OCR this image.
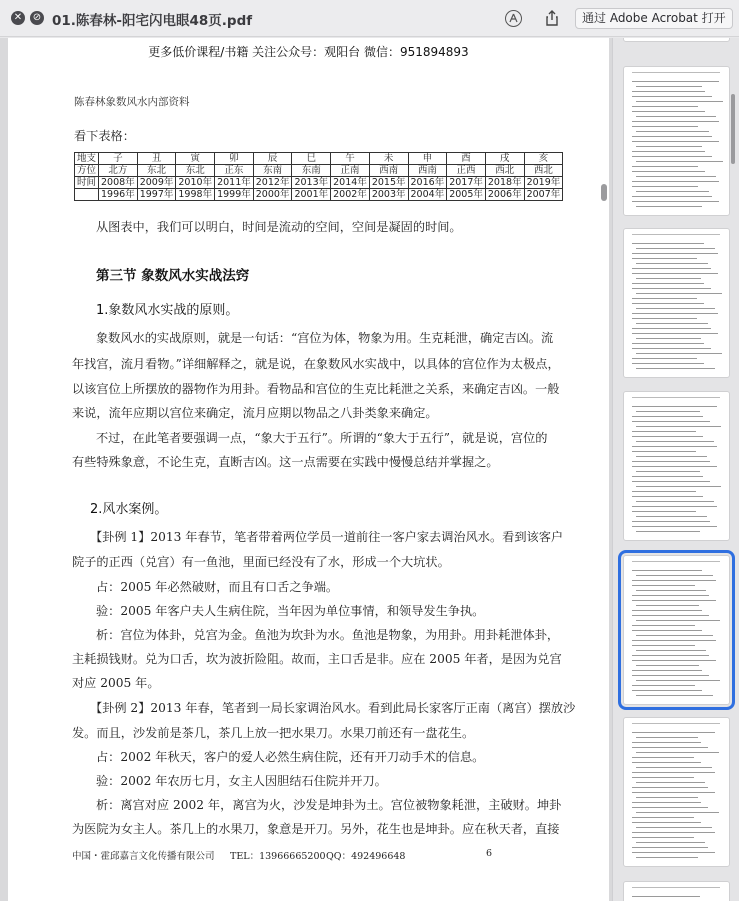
✕ ⊘ 01.陈春林-阳宅闪电眼48页.pdf	通过 Adobe Acrobat 打开
更多低价课程/书籍 关注公众号：观阳台 微信：951894893
陈春林象数风水内部资料
看下表格：
地支	子	丑	寅	卯	辰	巳	午	未	申	酉	戌	亥
方位	北方	东北	东北	正东	东南	东南	正南	西南	西南	正西	西北	西北
时间	2008年	2009年	2010年	2011年	2012年	2013年	2014年	2015年	2016年	2017年	2018年	2019年
	1996年	1997年	1998年	1999年	2000年	2001年	2002年	2003年	2004年	2005年	2006年	2007年
从图表中，我们可以明白，时间是流动的空间，空间是凝固的时间。
第三节 象数风水实战法窍
1.象数风水实战的原则。
象数风水的实战原则，就是一句话：“宫位为体，物象为用。生克耗泄，确定吉凶。流
年找宫，流月看物。”详细解释之，就是说，在象数风水实战中，以具体的宫位作为太极点，
以该宫位上所摆放的器物作为用卦。看物品和宫位的生克比耗泄之关系，来确定吉凶。一般
来说，流年应期以宫位来确定，流月应期以物品之八卦类象来确定。
不过，在此笔者要强调一点，“象大于五行”。所谓的“象大于五行”，就是说，宫位的
有些特殊象意，不论生克，直断吉凶。这一点需要在实践中慢慢总结并掌握之。
2.风水案例。
【卦例 1】2013 年春节，笔者带着两位学员一道前往一客户家去调治风水。看到该客户
院子的正西（兑宫）有一鱼池，里面已经没有了水，形成一个大坑状。
占：2005 年必然破财，而且有口舌之争端。
验：2005 年客户夫人生病住院，当年因为单位事情，和领导发生争执。
析：宫位为体卦，兑宫为金。鱼池为坎卦为水。鱼池是物象，为用卦。用卦耗泄体卦，
主耗损钱财。兑为口舌，坎为波折险阻。故而，主口舌是非。应在 2005 年者，是因为兑宫
对应 2005 年。
【卦例 2】2013 年春，笔者到一局长家调治风水。看到此局长家客厅正南（离宫）摆放沙
发。而且，沙发前是茶几，茶几上放一把水果刀。水果刀前还有一盘花生。
占：2002 年秋天，客户的爱人必然生病住院，还有开刀动手术的信息。
验：2002 年农历七月，女主人因胆结石住院并开刀。
析：离宫对应 2002 年，离宫为火，沙发是坤卦为土。宫位被物象耗泄，主破财。坤卦
为医院为女主人。茶几上的水果刀，象意是开刀。另外，花生也是坤卦。应在秋天者，直接
中国・霍邱嘉言文化传播有限公司 TEL：13966665200 QQ：492496648	6
